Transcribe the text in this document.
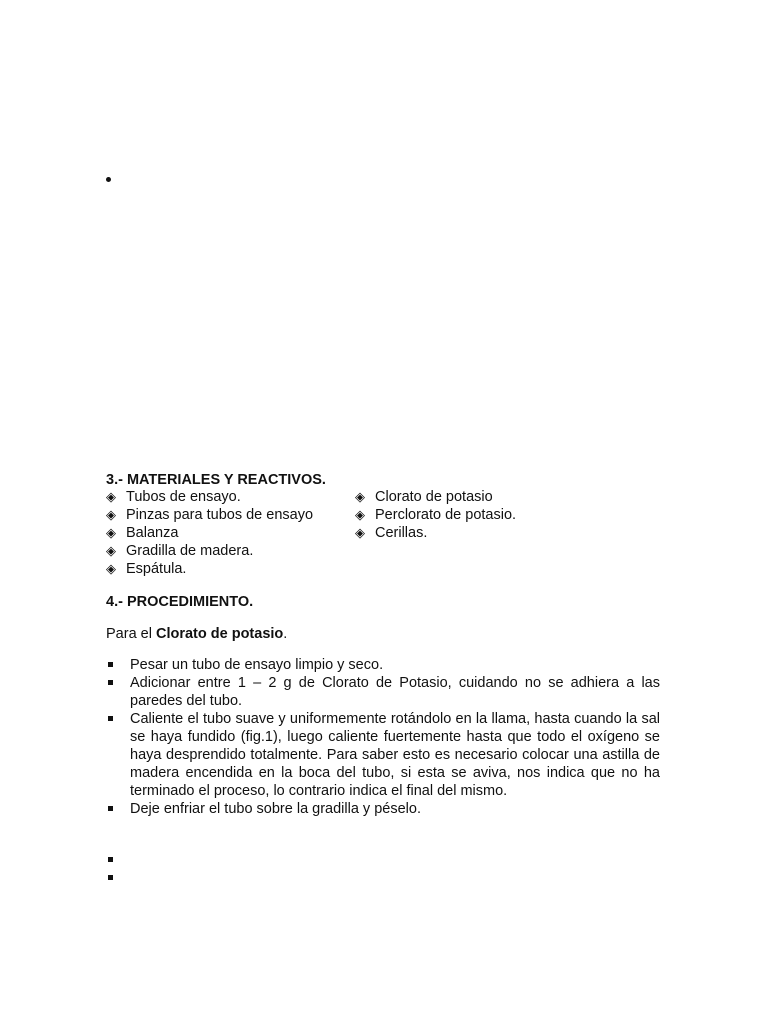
3.- MATERIALES Y REACTIVOS.
◈ Tubos de ensayo.
◈ Pinzas para tubos de ensayo
◈ Balanza
◈ Gradilla de madera.
◈ Espátula.
◈ Clorato de potasio
◈ Perclorato de potasio.
◈ Cerillas.
4.- PROCEDIMIENTO.
Para el Clorato de potasio.
Pesar un tubo de ensayo limpio y seco.
Adicionar entre 1 – 2 g de Clorato de Potasio, cuidando no se adhiera a las paredes del tubo.
Caliente el tubo suave y uniformemente rotándolo en la llama, hasta cuando la sal se haya fundido (fig.1), luego caliente fuertemente hasta que todo el oxígeno se haya desprendido totalmente. Para saber esto es necesario colocar una astilla de madera encendida en la boca del tubo, si esta se aviva, nos indica que no ha terminado el proceso, lo contrario indica el final del mismo.
Deje enfriar el tubo sobre la gradilla y péselo.
